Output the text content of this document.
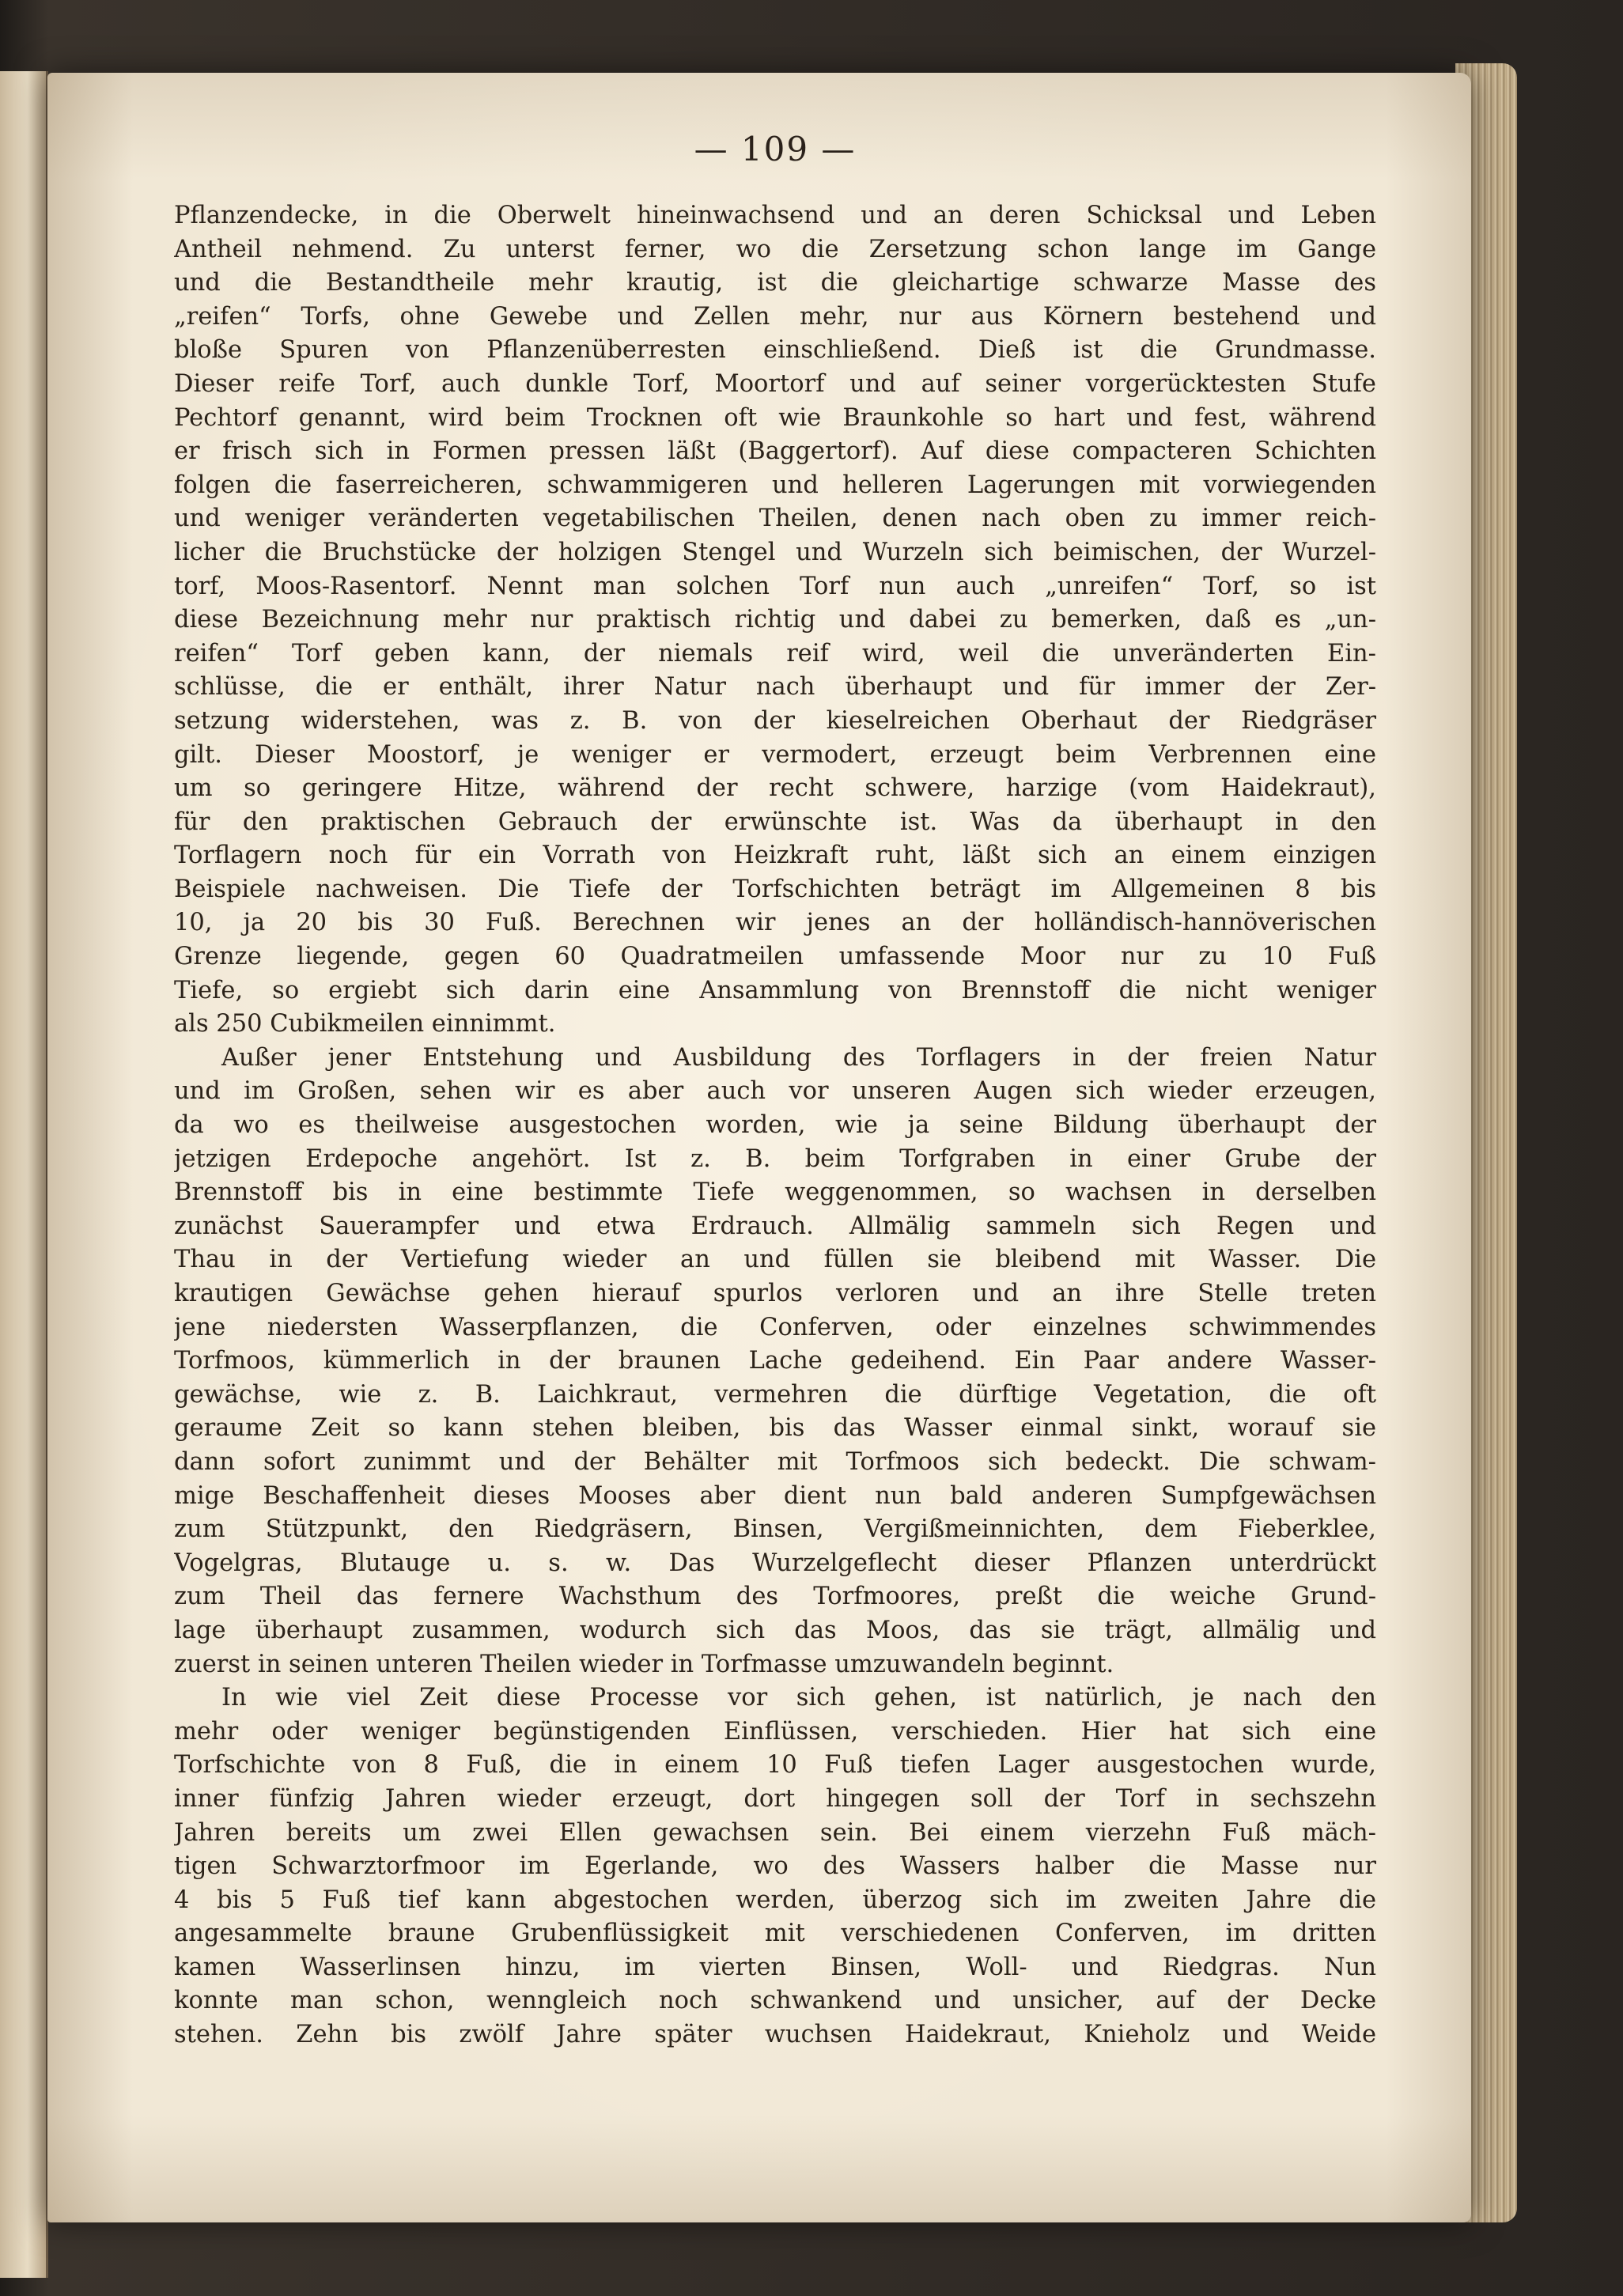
— 109 —
Pflanzendecke, in die Oberwelt hineinwachsend und an deren Schicksal und Leben
Antheil nehmend. Zu unterst ferner, wo die Zersetzung schon lange im Gange
und die Bestandtheile mehr krautig, ist die gleichartige schwarze Masse des
„reifen“ Torfs, ohne Gewebe und Zellen mehr, nur aus Körnern bestehend und
bloße Spuren von Pflanzenüberresten einschließend. Dieß ist die Grundmasse.
Dieser reife Torf, auch dunkle Torf, Moortorf und auf seiner vorgerücktesten Stufe
Pechtorf genannt, wird beim Trocknen oft wie Braunkohle so hart und fest, während
er frisch sich in Formen pressen läßt (Baggertorf). Auf diese compacteren Schichten
folgen die faserreicheren, schwammigeren und helleren Lagerungen mit vorwiegenden
und weniger veränderten vegetabilischen Theilen, denen nach oben zu immer reich-
licher die Bruchstücke der holzigen Stengel und Wurzeln sich beimischen, der Wurzel-
torf, Moos-Rasentorf. Nennt man solchen Torf nun auch „unreifen“ Torf, so ist
diese Bezeichnung mehr nur praktisch richtig und dabei zu bemerken, daß es „un-
reifen“ Torf geben kann, der niemals reif wird, weil die unveränderten Ein-
schlüsse, die er enthält, ihrer Natur nach überhaupt und für immer der Zer-
setzung widerstehen, was z. B. von der kieselreichen Oberhaut der Riedgräser
gilt. Dieser Moostorf, je weniger er vermodert, erzeugt beim Verbrennen eine
um so geringere Hitze, während der recht schwere, harzige (vom Haidekraut),
für den praktischen Gebrauch der erwünschte ist. Was da überhaupt in den
Torflagern noch für ein Vorrath von Heizkraft ruht, läßt sich an einem einzigen
Beispiele nachweisen. Die Tiefe der Torfschichten beträgt im Allgemeinen 8 bis
10, ja 20 bis 30 Fuß. Berechnen wir jenes an der holländisch-hannöverischen
Grenze liegende, gegen 60 Quadratmeilen umfassende Moor nur zu 10 Fuß
Tiefe, so ergiebt sich darin eine Ansammlung von Brennstoff die nicht weniger
als 250 Cubikmeilen einnimmt.
Außer jener Entstehung und Ausbildung des Torflagers in der freien Natur
und im Großen, sehen wir es aber auch vor unseren Augen sich wieder erzeugen,
da wo es theilweise ausgestochen worden, wie ja seine Bildung überhaupt der
jetzigen Erdepoche angehört. Ist z. B. beim Torfgraben in einer Grube der
Brennstoff bis in eine bestimmte Tiefe weggenommen, so wachsen in derselben
zunächst Sauerampfer und etwa Erdrauch. Allmälig sammeln sich Regen und
Thau in der Vertiefung wieder an und füllen sie bleibend mit Wasser. Die
krautigen Gewächse gehen hierauf spurlos verloren und an ihre Stelle treten
jene niedersten Wasserpflanzen, die Conferven, oder einzelnes schwimmendes
Torfmoos, kümmerlich in der braunen Lache gedeihend. Ein Paar andere Wasser-
gewächse, wie z. B. Laichkraut, vermehren die dürftige Vegetation, die oft
geraume Zeit so kann stehen bleiben, bis das Wasser einmal sinkt, worauf sie
dann sofort zunimmt und der Behälter mit Torfmoos sich bedeckt. Die schwam-
mige Beschaffenheit dieses Mooses aber dient nun bald anderen Sumpfgewächsen
zum Stützpunkt, den Riedgräsern, Binsen, Vergißmeinnichten, dem Fieberklee,
Vogelgras, Blutauge u. s. w. Das Wurzelgeflecht dieser Pflanzen unterdrückt
zum Theil das fernere Wachsthum des Torfmoores, preßt die weiche Grund-
lage überhaupt zusammen, wodurch sich das Moos, das sie trägt, allmälig und
zuerst in seinen unteren Theilen wieder in Torfmasse umzuwandeln beginnt.
In wie viel Zeit diese Processe vor sich gehen, ist natürlich, je nach den
mehr oder weniger begünstigenden Einflüssen, verschieden. Hier hat sich eine
Torfschichte von 8 Fuß, die in einem 10 Fuß tiefen Lager ausgestochen wurde,
inner fünfzig Jahren wieder erzeugt, dort hingegen soll der Torf in sechszehn
Jahren bereits um zwei Ellen gewachsen sein. Bei einem vierzehn Fuß mäch-
tigen Schwarztorfmoor im Egerlande, wo des Wassers halber die Masse nur
4 bis 5 Fuß tief kann abgestochen werden, überzog sich im zweiten Jahre die
angesammelte braune Grubenflüssigkeit mit verschiedenen Conferven, im dritten
kamen Wasserlinsen hinzu, im vierten Binsen, Woll- und Riedgras. Nun
konnte man schon, wenngleich noch schwankend und unsicher, auf der Decke
stehen. Zehn bis zwölf Jahre später wuchsen Haidekraut, Knieholz und Weide
